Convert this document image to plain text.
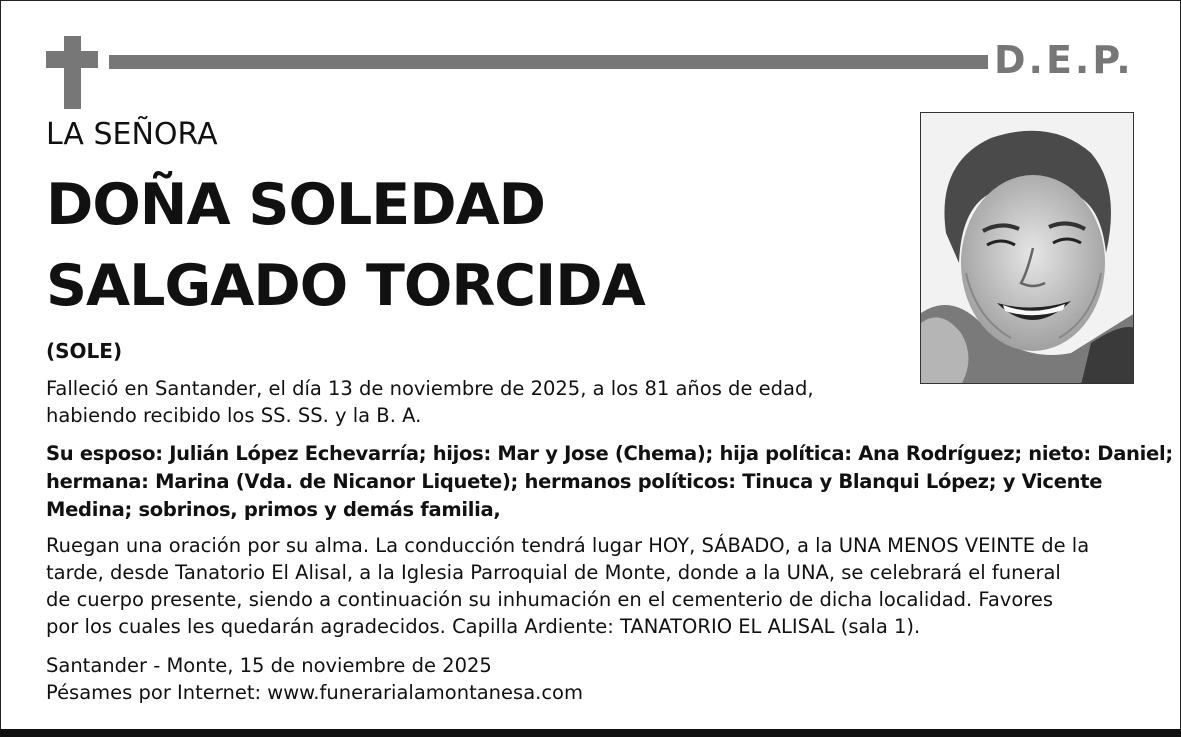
D.E.P.
LA SEÑORA
DOÑA SOLEDAD
SALGADO TORCIDA
(SOLE)
Falleció en Santander, el día 13 de noviembre de 2025, a los 81 años de edad,
habiendo recibido los SS. SS. y la B. A.
Su esposo: Julián López Echevarría; hijos: Mar y Jose (Chema); hija política: Ana Rodríguez; nieto: Daniel;
hermana: Marina (Vda. de Nicanor Liquete); hermanos políticos: Tinuca y Blanqui López; y Vicente
Medina; sobrinos, primos y demás familia,
Ruegan una oración por su alma. La conducción tendrá lugar HOY, SÁBADO, a la UNA MENOS VEINTE de la
tarde, desde Tanatorio El Alisal, a la Iglesia Parroquial de Monte, donde a la UNA, se celebrará el funeral
de cuerpo presente, siendo a continuación su inhumación en el cementerio de dicha localidad. Favores
por los cuales les quedarán agradecidos. Capilla Ardiente: TANATORIO EL ALISAL (sala 1).
Santander - Monte, 15 de noviembre de 2025
Pésames por Internet: www.funerarialamontanesa.com
